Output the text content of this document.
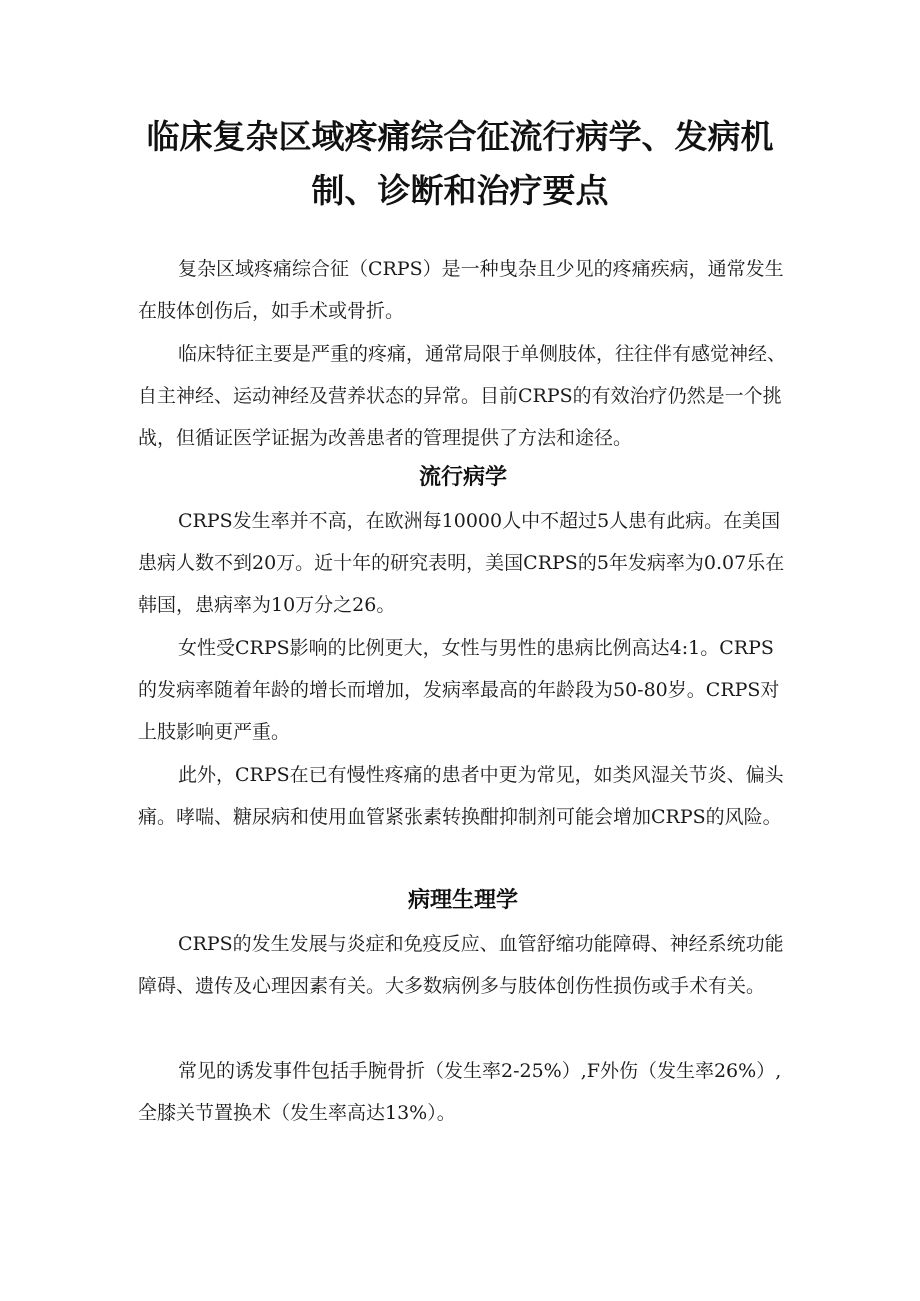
临床复杂区域疼痛综合征流行病学、发病机
制、诊断和治疗要点

复杂区域疼痛综合征（CRPS）是一种曳杂且少见的疼痛疾病，通常发生在肢体创伤后，如手术或骨折。

临床特征主要是严重的疼痛，通常局限于单侧肢体，往往伴有感觉神经、自主神经、运动神经及营养状态的异常。目前CRPS的有效治疗仍然是一个挑战，但循证医学证据为改善患者的管理提供了方法和途径。

流行病学

CRPS发生率并不高，在欧洲每10000人中不超过5人患有此病。在美国患病人数不到20万。近十年的研究表明，美国CRPS的5年发病率为0.07乐在韩国，患病率为10万分之26。

女性受CRPS影响的比例更大，女性与男性的患病比例高达4:1。CRPS的发病率随着年龄的增长而增加，发病率最高的年龄段为50-80岁。CRPS对上肢影响更严重。

此外，CRPS在已有慢性疼痛的患者中更为常见，如类风湿关节炎、偏头痛。哮喘、糖尿病和使用血管紧张素转换酣抑制剂可能会增加CRPS的风险。

病理生理学

CRPS的发生发展与炎症和免疫反应、血管舒缩功能障碍、神经系统功能障碍、遗传及心理因素有关。大多数病例多与肢体创伤性损伤或手术有关。

常见的诱发事件包括手腕骨折（发生率2-25%）,F外伤（发生率26%）,全膝关节置换术（发生率高达13%）。
